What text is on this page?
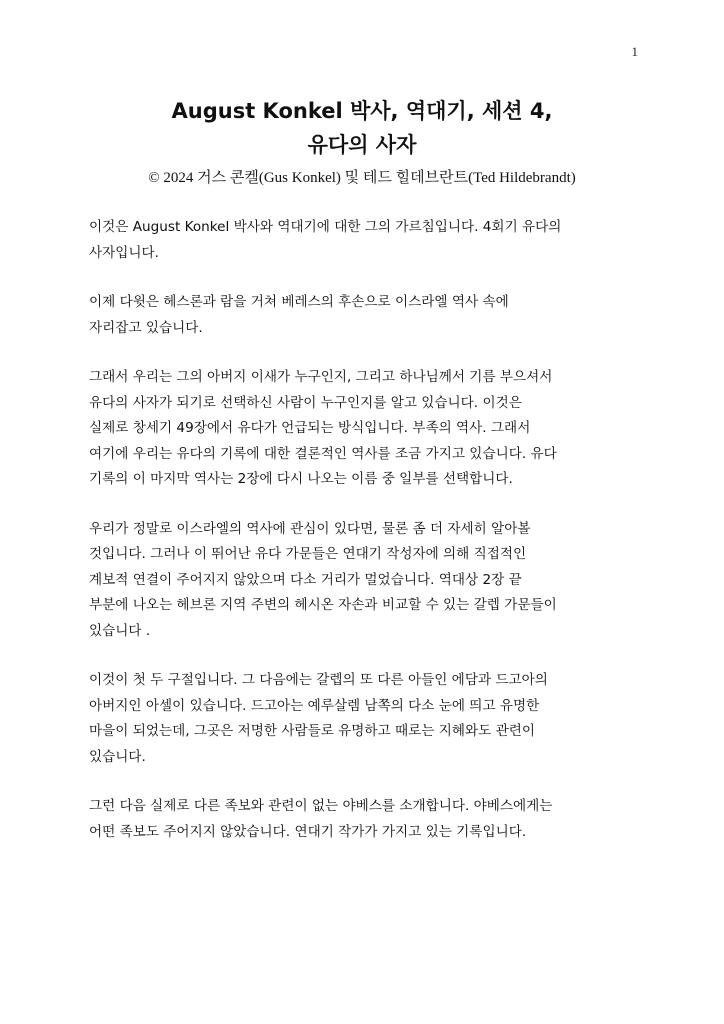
1
August Konkel 박사, 역대기, 세션 4,
유다의 사자
© 2024 거스 콘켈(Gus Konkel) 및 테드 힐데브란트(Ted Hildebrandt)

이것은 August Konkel 박사와 역대기에 대한 그의 가르침입니다. 4회기 유다의
사자입니다.

이제 다윗은 헤스론과 람을 거쳐 베레스의 후손으로 이스라엘 역사 속에
자리잡고 있습니다.

그래서 우리는 그의 아버지 이새가 누구인지, 그리고 하나님께서 기름 부으셔서
유다의 사자가 되기로 선택하신 사람이 누구인지를 알고 있습니다. 이것은
실제로 창세기 49장에서 유다가 언급되는 방식입니다. 부족의 역사. 그래서
여기에 우리는 유다의 기록에 대한 결론적인 역사를 조금 가지고 있습니다. 유다
기록의 이 마지막 역사는 2장에 다시 나오는 이름 중 일부를 선택합니다.

우리가 정말로 이스라엘의 역사에 관심이 있다면, 물론 좀 더 자세히 알아볼
것입니다. 그러나 이 뛰어난 유다 가문들은 연대기 작성자에 의해 직접적인
계보적 연결이 주어지지 않았으며 다소 거리가 멀었습니다. 역대상 2장 끝
부분에 나오는 헤브론 지역 주변의 헤시온 자손과 비교할 수 있는 갈렙 가문들이
있습니다 .

이것이 첫 두 구절입니다. 그 다음에는 갈렙의 또 다른 아들인 에담과 드고아의
아버지인 아셀이 있습니다. 드고아는 예루살렘 남쪽의 다소 눈에 띄고 유명한
마을이 되었는데, 그곳은 저명한 사람들로 유명하고 때로는 지혜와도 관련이
있습니다.

그런 다음 실제로 다른 족보와 관련이 없는 야베스를 소개합니다. 야베스에게는
어떤 족보도 주어지지 않았습니다. 연대기 작가가 가지고 있는 기록입니다.
